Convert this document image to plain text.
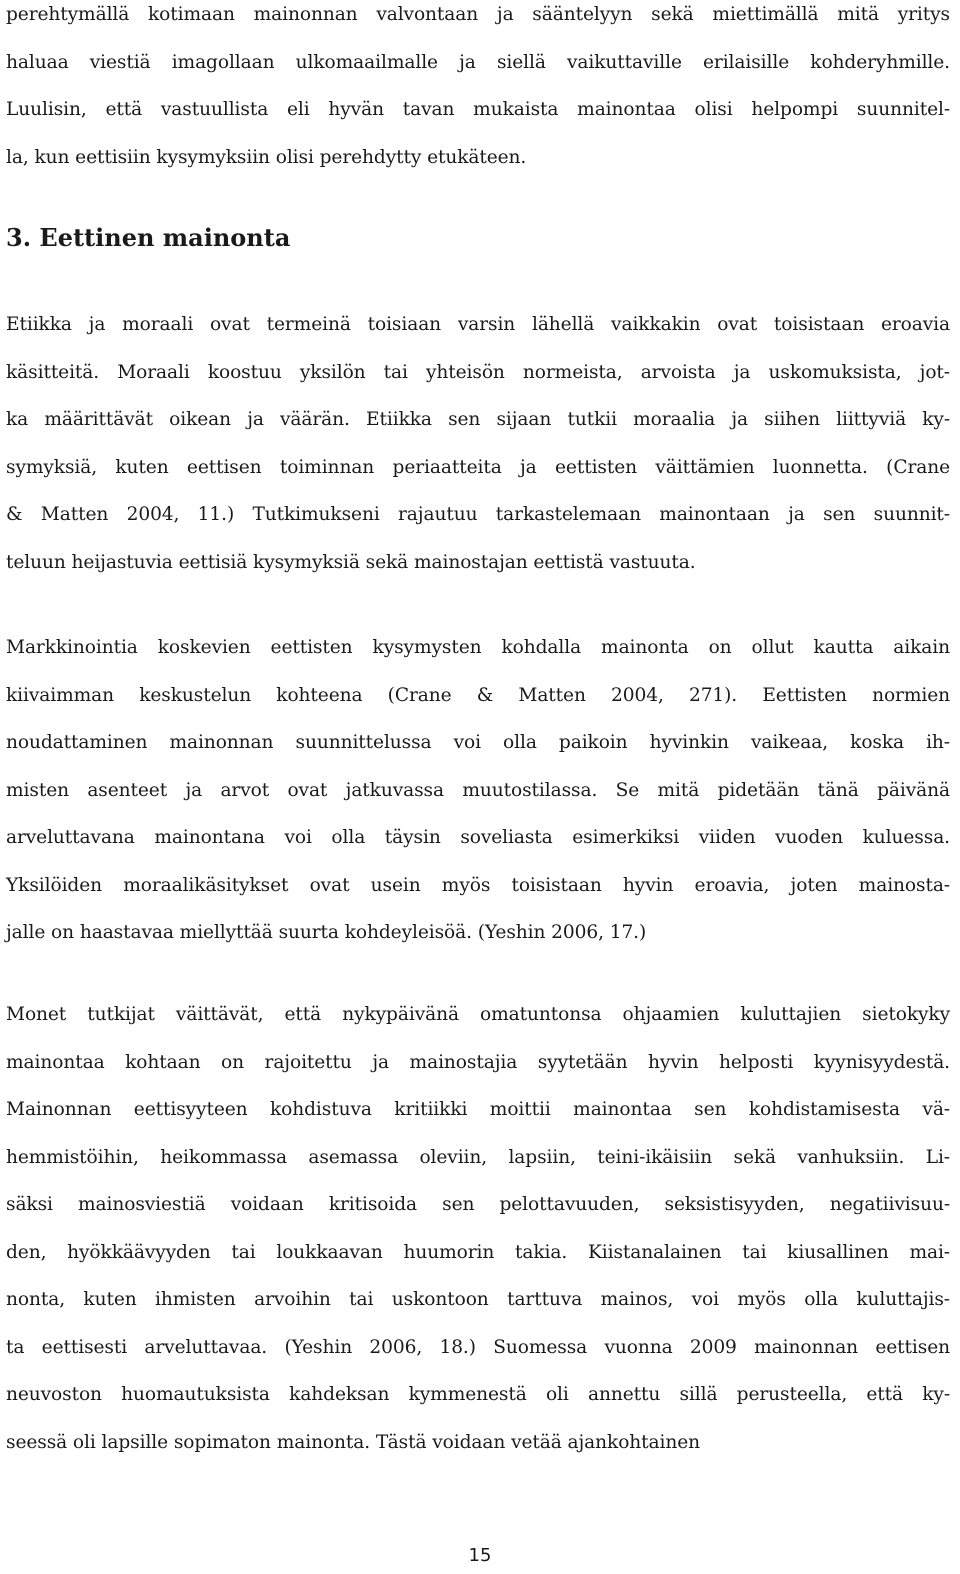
perehtymällä kotimaan mainonnan valvontaan ja sääntelyyn sekä miettimällä mitä yritys
haluaa viestiä imagollaan ulkomaailmalle ja siellä vaikuttaville erilaisille kohderyhmille.
Luulisin, että vastuullista eli hyvän tavan mukaista mainontaa olisi helpompi suunnitel-
la, kun eettisiin kysymyksiin olisi perehdytty etukäteen.
3. Eettinen mainonta
Etiikka ja moraali ovat termeinä toisiaan varsin lähellä vaikkakin ovat toisistaan eroavia
käsitteitä. Moraali koostuu yksilön tai yhteisön normeista, arvoista ja uskomuksista, jot-
ka määrittävät oikean ja väärän. Etiikka sen sijaan tutkii moraalia ja siihen liittyviä ky-
symyksiä, kuten eettisen toiminnan periaatteita ja eettisten väittämien luonnetta. (Crane
& Matten 2004, 11.) Tutkimukseni rajautuu tarkastelemaan mainontaan ja sen suunnit-
teluun heijastuvia eettisiä kysymyksiä sekä mainostajan eettistä vastuuta.
Markkinointia koskevien eettisten kysymysten kohdalla mainonta on ollut kautta aikain
kiivaimman keskustelun kohteena (Crane & Matten 2004, 271). Eettisten normien
noudattaminen mainonnan suunnittelussa voi olla paikoin hyvinkin vaikeaa, koska ih-
misten asenteet ja arvot ovat jatkuvassa muutostilassa. Se mitä pidetään tänä päivänä
arveluttavana mainontana voi olla täysin soveliasta esimerkiksi viiden vuoden kuluessa.
Yksilöiden moraalikäsitykset ovat usein myös toisistaan hyvin eroavia, joten mainosta-
jalle on haastavaa miellyttää suurta kohdeyleisöä. (Yeshin 2006, 17.)
Monet tutkijat väittävät, että nykypäivänä omatuntonsa ohjaamien kuluttajien sietokyky
mainontaa kohtaan on rajoitettu ja mainostajia syytetään hyvin helposti kyynisyydestä.
Mainonnan eettisyyteen kohdistuva kritiikki moittii mainontaa sen kohdistamisesta vä-
hemmistöihin, heikommassa asemassa oleviin, lapsiin, teini-ikäisiin sekä vanhuksiin. Li-
säksi mainosviestiä voidaan kritisoida sen pelottavuuden, seksistisyyden, negatiivisuu-
den, hyökkäävyyden tai loukkaavan huumorin takia. Kiistanalainen tai kiusallinen mai-
nonta, kuten ihmisten arvoihin tai uskontoon tarttuva mainos, voi myös olla kuluttajis-
ta eettisesti arveluttavaa. (Yeshin 2006, 18.) Suomessa vuonna 2009 mainonnan eettisen
neuvoston huomautuksista kahdeksan kymmenestä oli annettu sillä perusteella, että ky-
seessä oli lapsille sopimaton mainonta. Tästä voidaan vetää ajankohtainen
15
